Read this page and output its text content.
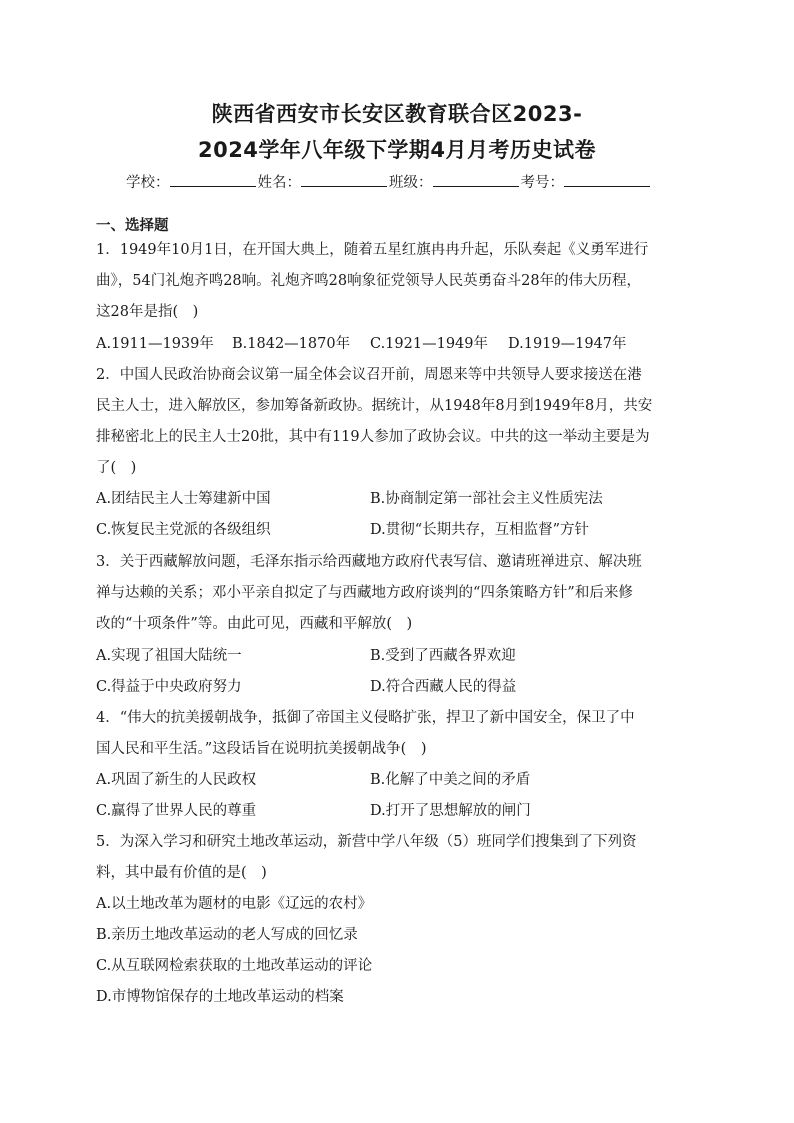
陕西省西安市长安区教育联合区2023-
2024学年八年级下学期4月月考历史试卷
学校：	姓名：	班级：	考号：
一、选择题
1．1949年10月1日，在开国大典上，随着五星红旗冉冉升起，乐队奏起《义勇军进行
曲》，54门礼炮齐鸣28响。礼炮齐鸣28响象征党领导人民英勇奋斗28年的伟大历程，
这28年是指(　)
A.1911—1939年 B.1842—1870年 C.1921—1949年 D.1919—1947年
2．中国人民政治协商会议第一届全体会议召开前，周恩来等中共领导人要求接送在港
民主人士，进入解放区，参加筹备新政协。据统计，从1948年8月到1949年8月，共安
排秘密北上的民主人士20批，其中有119人参加了政协会议。中共的这一举动主要是为
了(　)
A.团结民主人士筹建新中国	B.协商制定第一部社会主义性质宪法
C.恢复民主党派的各级组织	D.贯彻“长期共存，互相监督”方针
3．关于西藏解放问题，毛泽东指示给西藏地方政府代表写信、邀请班禅进京、解决班
禅与达赖的关系；邓小平亲自拟定了与西藏地方政府谈判的“四条策略方针”和后来修
改的“十项条件”等。由此可见，西藏和平解放(　)
A.实现了祖国大陆统一	B.受到了西藏各界欢迎
C.得益于中央政府努力	D.符合西藏人民的得益
4．“伟大的抗美援朝战争，抵御了帝国主义侵略扩张，捍卫了新中国安全，保卫了中
国人民和平生活。”这段话旨在说明抗美援朝战争(　)
A.巩固了新生的人民政权	B.化解了中美之间的矛盾
C.赢得了世界人民的尊重	D.打开了思想解放的闸门
5．为深入学习和研究土地改革运动，新营中学八年级（5）班同学们搜集到了下列资
料，其中最有价值的是(　)
A.以土地改革为题材的电影《辽远的农村》
B.亲历土地改革运动的老人写成的回忆录
C.从互联网检索获取的土地改革运动的评论
D.市博物馆保存的土地改革运动的档案
